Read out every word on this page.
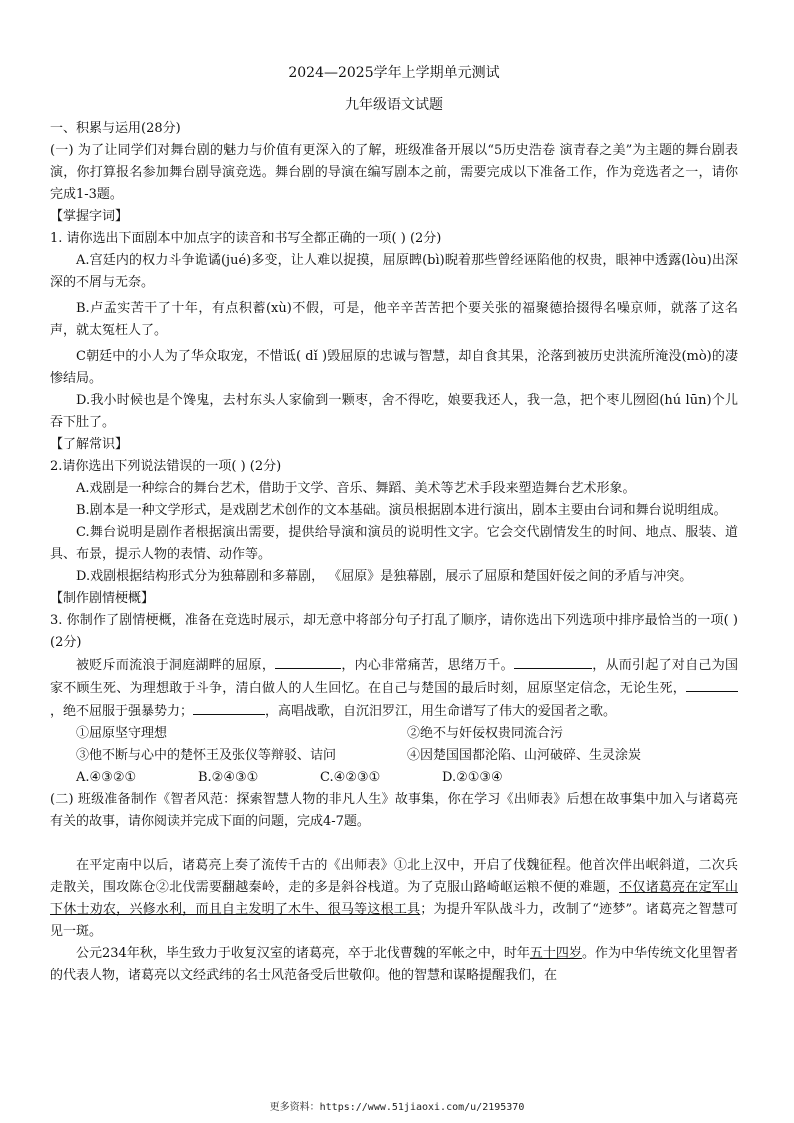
2024—2025学年上学期单元测试
九年级语文试题

一、积累与运用(28分)

(一) 为了让同学们对舞台剧的魅力与价值有更深入的了解，班级准备开展以“5历史浩卷 演青春之美”为主题的舞台剧表演，你打算报名参加舞台剧导演竞选。舞台剧的导演在编写剧本之前，需要完成以下准备工作，作为竞选者之一，请你完成1-3题。

【掌握字词】

1. 请你选出下面剧本中加点字的读音和书写全都正确的一项( ) (2分)

A.宫廷内的权力斗争诡谲(jué)多变，让人难以捉摸，屈原睥(bì)睨着那些曾经诬陷他的权贵，眼神中透露(lòu)出深深的不屑与无奈。

B.卢孟实苦干了十年，有点积蓄(xù)不假，可是，他辛辛苦苦把个要关张的福聚德拾掇得名噪京师，就落了这名声，就太冤枉人了。

C朝廷中的小人为了华众取宠，不惜诋( dǐ )毁屈原的忠诚与智慧，却自食其果，沦落到被历史洪流所淹没(mò)的凄惨结局。

D.我小时候也是个馋鬼，去村东头人家偷到一颗枣，舍不得吃，娘要我还人，我一急，把个枣儿囫囵(hú lūn)个儿吞下肚了。

【了解常识】

2.请你选出下列说法错误的一项( ) (2分)

A.戏剧是一种综合的舞台艺术，借助于文学、音乐、舞蹈、美术等艺术手段来塑造舞台艺术形象。

B.剧本是一种文学形式，是戏剧艺术创作的文本基础。演员根据剧本进行演出，剧本主要由台词和舞台说明组成。

C.舞台说明是剧作者根据演出需要，提供给导演和演员的说明性文字。它会交代剧情发生的时间、地点、服装、道具、布景，提示人物的表情、动作等。

D.戏剧根据结构形式分为独幕剧和多幕剧， 《屈原》是独幕剧，展示了屈原和楚国奸佞之间的矛盾与冲突。

【制作剧情梗概】

3. 你制作了剧情梗概，准备在竞选时展示，却无意中将部分句子打乱了顺序，请你选出下列选项中排序最恰当的一项( ) (2分)

被贬斥而流浪于洞庭湖畔的屈原，	，内心非常痛苦，思绪万千。	，从而引起了对自己为国家不顾生死、为理想敢于斗争，清白做人的人生回忆。在自己与楚国的最后时刻，屈原坚定信念，无论生死，，绝不屈服于强暴势力；	，高唱战歌，自沉汨罗江，用生命谱写了伟大的爱国者之歌。

①屈原坚守理想	②绝不与奸佞权贵同流合污
③他不断与心中的楚怀王及张仪等辩驳、诘问	④因楚国国都沦陷、山河破碎、生灵涂炭
A.④③②①	B.②④③①	C.④②③①	D.②①③④

(二) 班级准备制作《智者风范：探索智慧人物的非凡人生》故事集，你在学习《出师表》后想在故事集中加入与诸葛亮有关的故事，请你阅读并完成下面的问题，完成4-7题。

在平定南中以后，诸葛亮上奏了流传千古的《出师表》①北上汉中，开启了伐魏征程。他首次伴出岷斜道，二次兵走散关，围攻陈仓②北伐需要翻越秦岭，走的多是斜谷栈道。为了克服山路崎岖运粮不便的难题，不仅诸葛亮在定军山下休士劝农，兴修水利，而且自主发明了木牛、很马等这根工具；为提升军队战斗力，改制了“迹梦”。诸葛亮之智慧可见一斑。

公元234年秋，毕生致力于收复汉室的诸葛亮，卒于北伐曹魏的军帐之中，时年五十四岁。作为中华传统文化里智者的代表人物，诸葛亮以文经武纬的名士风范备受后世敬仰。他的智慧和谋略提醒我们，在

更多资料：https://www.51jiaoxi.com/u/2195370
